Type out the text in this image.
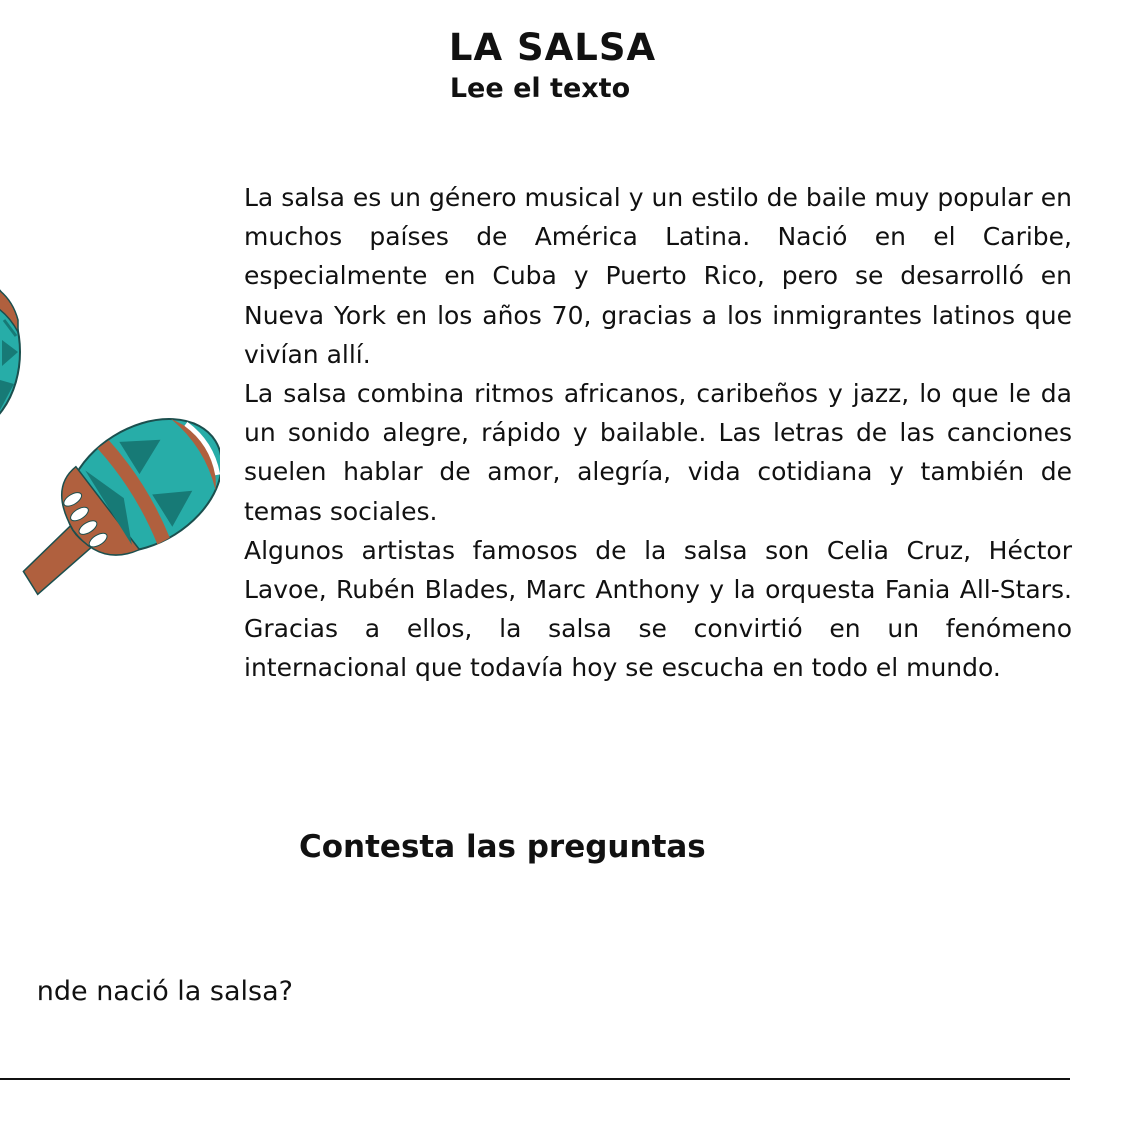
LA SALSA
Lee el texto

La salsa es un género musical y un estilo de baile muy popular en muchos países de América Latina. Nació en el Caribe, especialmente en Cuba y Puerto Rico, pero se desarrolló en Nueva York en los años 70, gracias a los inmigrantes latinos que vivían allí.

La salsa combina ritmos africanos, caribeños y jazz, lo que le da un sonido alegre, rápido y bailable. Las letras de las canciones suelen hablar de amor, alegría, vida cotidiana y también de temas sociales.

Algunos artistas famosos de la salsa son Celia Cruz, Héctor Lavoe, Rubén Blades, Marc Anthony y la orquesta Fania All-Stars. Gracias a ellos, la salsa se convirtió en un fenómeno internacional que todavía hoy se escucha en todo el mundo.

Contesta las preguntas
nde nació la salsa?
